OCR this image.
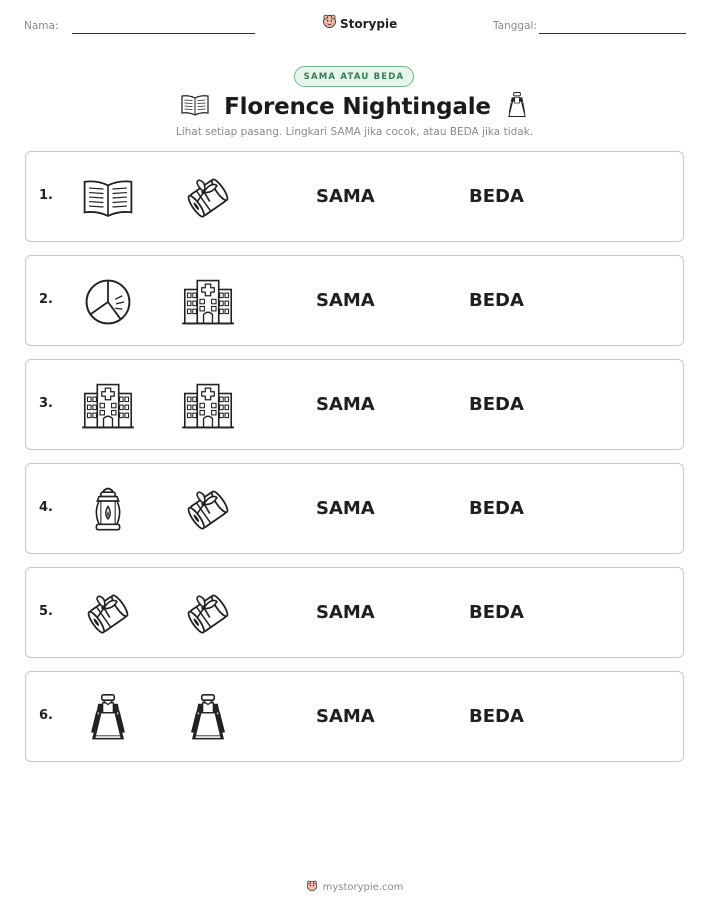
Nama:	Storypie	Tanggal:
SAMA ATAU BEDA
Florence Nightingale
Lihat setiap pasang. Lingkari SAMA jika cocok, atau BEDA jika tidak.
1.	SAMA	BEDA
2.	SAMA	BEDA
3.	SAMA	BEDA
4.	SAMA	BEDA
5.	SAMA	BEDA
6.	SAMA	BEDA
mystorypie.com
